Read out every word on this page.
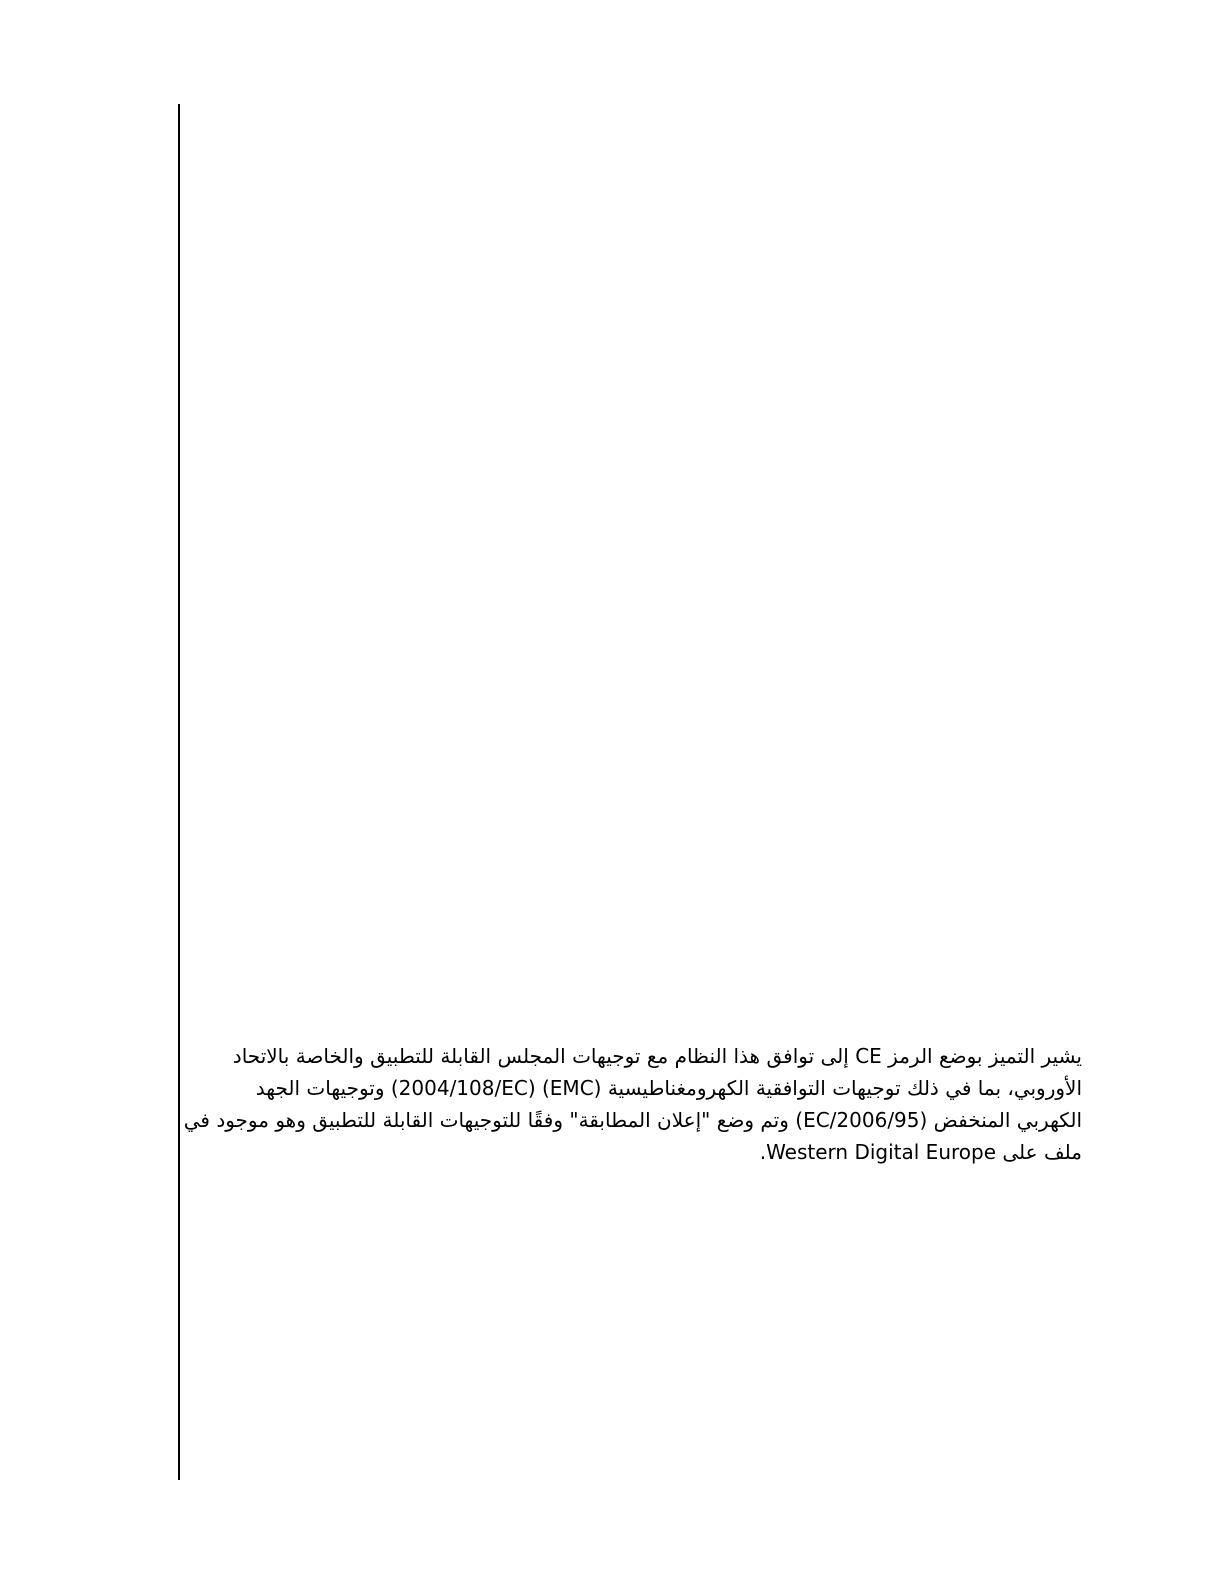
يشير التميز بوضع الرمز CE إلى توافق هذا النظام مع توجيهات المجلس القابلة للتطبيق والخاصة بالاتحاد
الأوروبي، بما في ذلك توجيهات التوافقية الكهرومغناطيسية (EMC) (2004/108/EC) وتوجيهات الجهد
الكهربي المنخفض (2006/95/EC) وتم وضع "إعلان المطابقة" وفقًا للتوجيهات القابلة للتطبيق وهو موجود في
ملف على Western Digital Europe.
